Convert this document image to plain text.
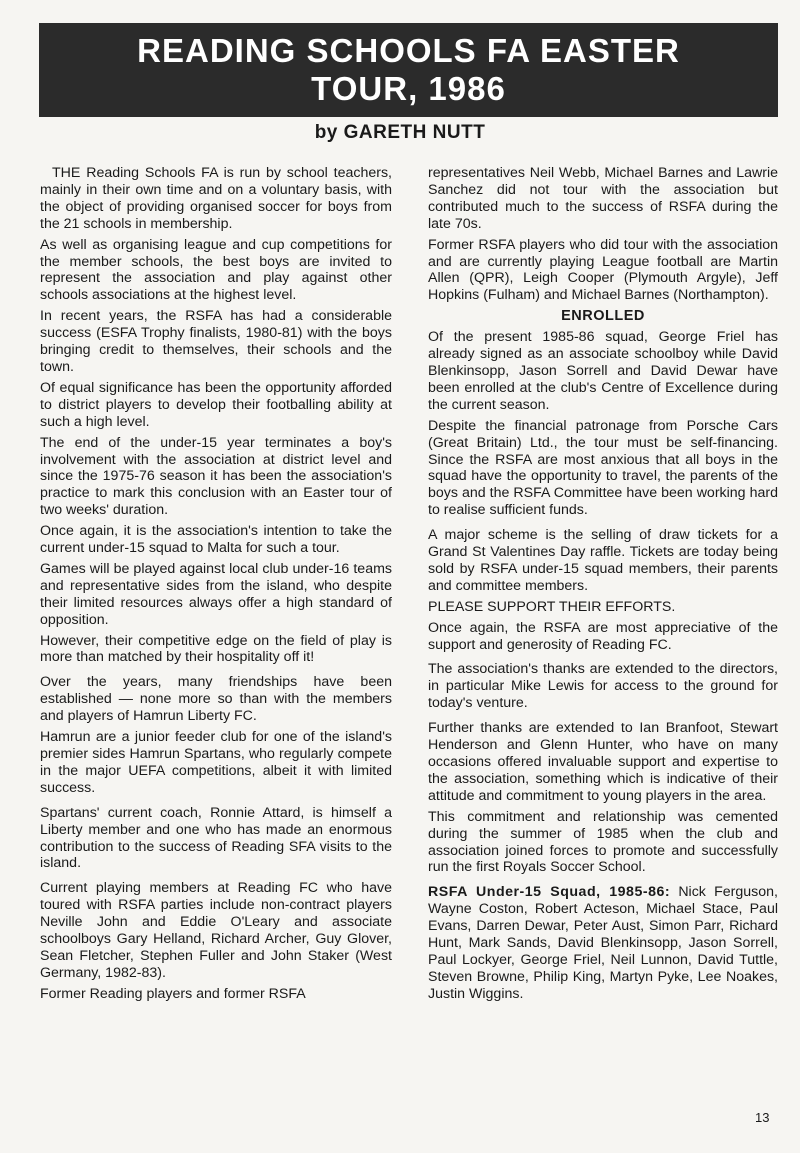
READING SCHOOLS FA EASTER
TOUR, 1986
by GARETH NUTT

THE Reading Schools FA is run by school teachers, mainly in their own time and on a voluntary basis, with the object of providing organised soccer for boys from the 21 schools in membership.

As well as organising league and cup competitions for the member schools, the best boys are invited to represent the association and play against other schools associations at the highest level.

In recent years, the RSFA has had a considerable success (ESFA Trophy finalists, 1980-81) with the boys bringing credit to themselves, their schools and the town.

Of equal significance has been the opportunity afforded to district players to develop their footballing ability at such a high level.

The end of the under-15 year terminates a boy's involvement with the association at district level and since the 1975-76 season it has been the association's practice to mark this conclusion with an Easter tour of two weeks' duration.

Once again, it is the association's intention to take the current under-15 squad to Malta for such a tour.

Games will be played against local club under-16 teams and representative sides from the island, who despite their limited resources always offer a high standard of opposition.

However, their competitive edge on the field of play is more than matched by their hospitality off it!

Over the years, many friendships have been established — none more so than with the members and players of Hamrun Liberty FC.

Hamrun are a junior feeder club for one of the island's premier sides Hamrun Spartans, who regularly compete in the major UEFA competitions, albeit it with limited success.

Spartans' current coach, Ronnie Attard, is himself a Liberty member and one who has made an enormous contribution to the success of Reading SFA visits to the island.

Current playing members at Reading FC who have toured with RSFA parties include non-contract players Neville John and Eddie O'Leary and associate schoolboys Gary Helland, Richard Archer, Guy Glover, Sean Fletcher, Stephen Fuller and John Staker (West Germany, 1982-83).

Former Reading players and former RSFA

representatives Neil Webb, Michael Barnes and Lawrie Sanchez did not tour with the association but contributed much to the success of RSFA during the late 70s.

Former RSFA players who did tour with the association and are currently playing League football are Martin Allen (QPR), Leigh Cooper (Plymouth Argyle), Jeff Hopkins (Fulham) and Michael Barnes (Northampton).

ENROLLED

Of the present 1985-86 squad, George Friel has already signed as an associate schoolboy while David Blenkinsopp, Jason Sorrell and David Dewar have been enrolled at the club's Centre of Excellence during the current season.

Despite the financial patronage from Porsche Cars (Great Britain) Ltd., the tour must be self-financing. Since the RSFA are most anxious that all boys in the squad have the opportunity to travel, the parents of the boys and the RSFA Committee have been working hard to realise sufficient funds.

A major scheme is the selling of draw tickets for a Grand St Valentines Day raffle. Tickets are today being sold by RSFA under-15 squad members, their parents and committee members.

PLEASE SUPPORT THEIR EFFORTS.

Once again, the RSFA are most appreciative of the support and generosity of Reading FC.

The association's thanks are extended to the directors, in particular Mike Lewis for access to the ground for today's venture.

Further thanks are extended to Ian Branfoot, Stewart Henderson and Glenn Hunter, who have on many occasions offered invaluable support and expertise to the association, something which is indicative of their attitude and commitment to young players in the area.

This commitment and relationship was cemented during the summer of 1985 when the club and association joined forces to promote and successfully run the first Royals Soccer School.

RSFA Under-15 Squad, 1985-86: Nick Ferguson, Wayne Coston, Robert Acteson, Michael Stace, Paul Evans, Darren Dewar, Peter Aust, Simon Parr, Richard Hunt, Mark Sands, David Blenkinsopp, Jason Sorrell, Paul Lockyer, George Friel, Neil Lunnon, David Tuttle, Steven Browne, Philip King, Martyn Pyke, Lee Noakes, Justin Wiggins.

13
